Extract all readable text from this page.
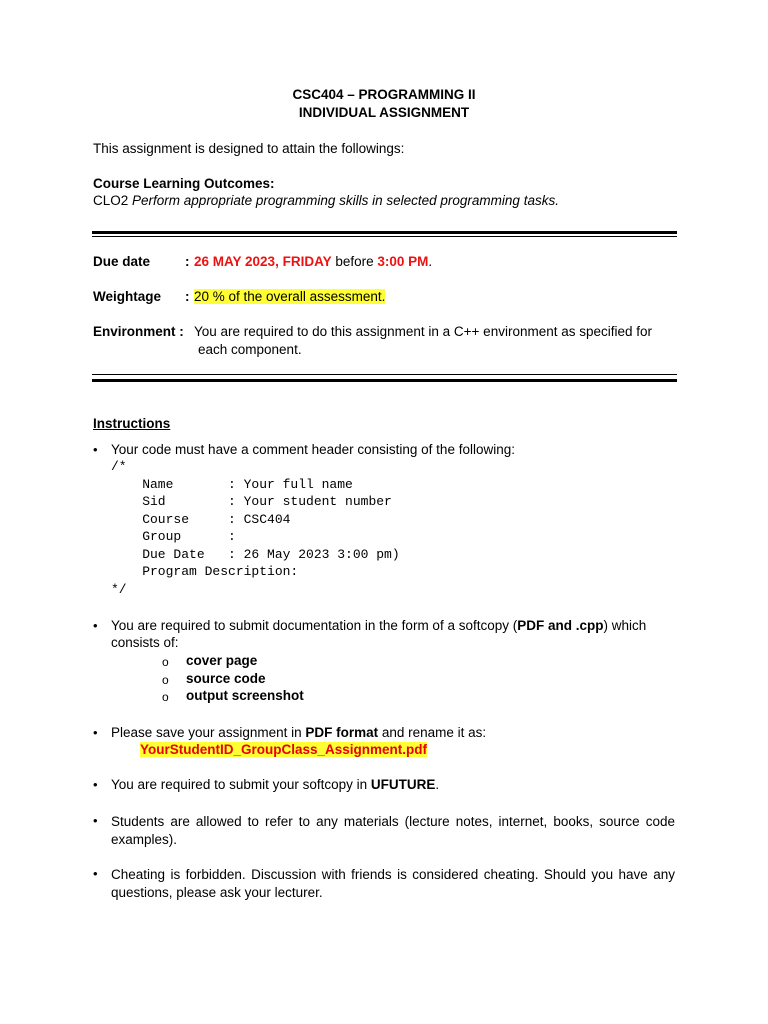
CSC404 – PROGRAMMING II
INDIVIDUAL ASSIGNMENT
This assignment is designed to attain the followings:
Course Learning Outcomes:
CLO2 Perform appropriate programming skills in selected programming tasks.
Due date	: 26 MAY 2023, FRIDAY before 3:00 PM.
Weightage : 20 % of the overall assessment.
Environment : You are required to do this assignment in a C++ environment as specified for
each component.
Instructions
• Your code must have a comment header consisting of the following:
/*
Name       : Your full name
Sid        : Your student number
Course     : CSC404
Group      :
Due Date   : 26 May 2023 3:00 pm)
Program Description:
*/
• You are required to submit documentation in the form of a softcopy (PDF and .cpp) which
consists of:
o cover page
o source code
o output screenshot
• Please save your assignment in PDF format and rename it as:
YourStudentID_GroupClass_Assignment.pdf
• You are required to submit your softcopy in UFUTURE.
• Students are allowed to refer to any materials (lecture notes, internet, books, source code examples).
• Cheating is forbidden. Discussion with friends is considered cheating. Should you have any questions, please ask your lecturer.
